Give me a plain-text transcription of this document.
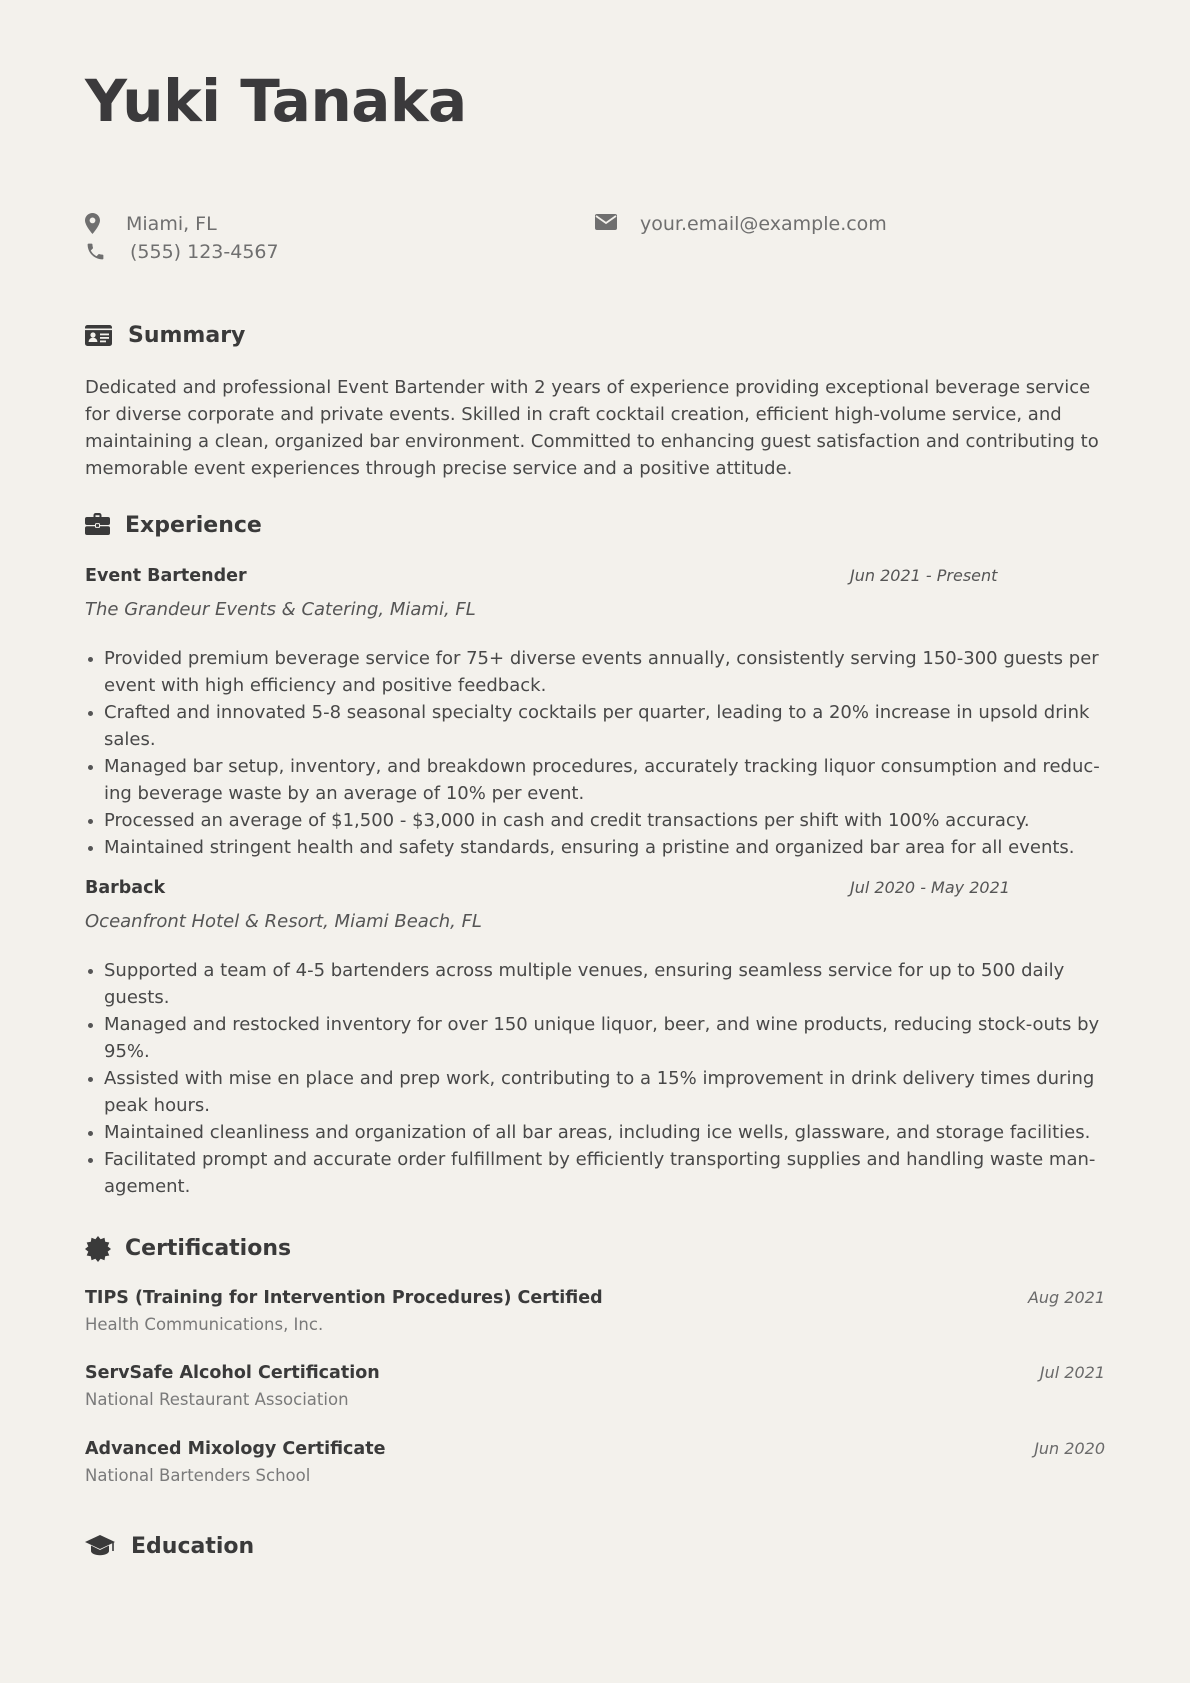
Yuki Tanaka
Miami, FL
(555) 123-4567
your.email@example.com
Summary

Dedicated and professional Event Bartender with 2 years of experience providing exceptional beverage service for diverse corporate and private events. Skilled in craft cocktail creation, efficient high-volume service, and maintaining a clean, organized bar environment. Committed to enhancing guest satisfaction and contributing to memorable event experiences through precise service and a positive attitude.

Experience
Event Bartender	Jun 2021 - Present
The Grandeur Events & Catering, Miami, FL
Provided premium beverage service for 75+ diverse events annually, consistently serving 150-300 guests per event with high efficiency and positive feedback.
Crafted and innovated 5-8 seasonal specialty cocktails per quarter, leading to a 20% increase in upsold drink sales.
Managed bar setup, inventory, and breakdown procedures, accurately tracking liquor consumption and reduc-ing beverage waste by an average of 10% per event.
Processed an average of $1,500 - $3,000 in cash and credit transactions per shift with 100% accuracy.
Maintained stringent health and safety standards, ensuring a pristine and organized bar area for all events.
Barback	Jul 2020 - May 2021
Oceanfront Hotel & Resort, Miami Beach, FL
Supported a team of 4-5 bartenders across multiple venues, ensuring seamless service for up to 500 daily guests.
Managed and restocked inventory for over 150 unique liquor, beer, and wine products, reducing stock-outs by 95%.
Assisted with mise en place and prep work, contributing to a 15% improvement in drink delivery times during peak hours.
Maintained cleanliness and organization of all bar areas, including ice wells, glassware, and storage facilities.
Facilitated prompt and accurate order fulfillment by efficiently transporting supplies and handling waste man-agement.
Certifications
TIPS (Training for Intervention Procedures) Certified	Aug 2021
Health Communications, Inc.
ServSafe Alcohol Certification	Jul 2021
National Restaurant Association
Advanced Mixology Certificate	Jun 2020
National Bartenders School
Education
